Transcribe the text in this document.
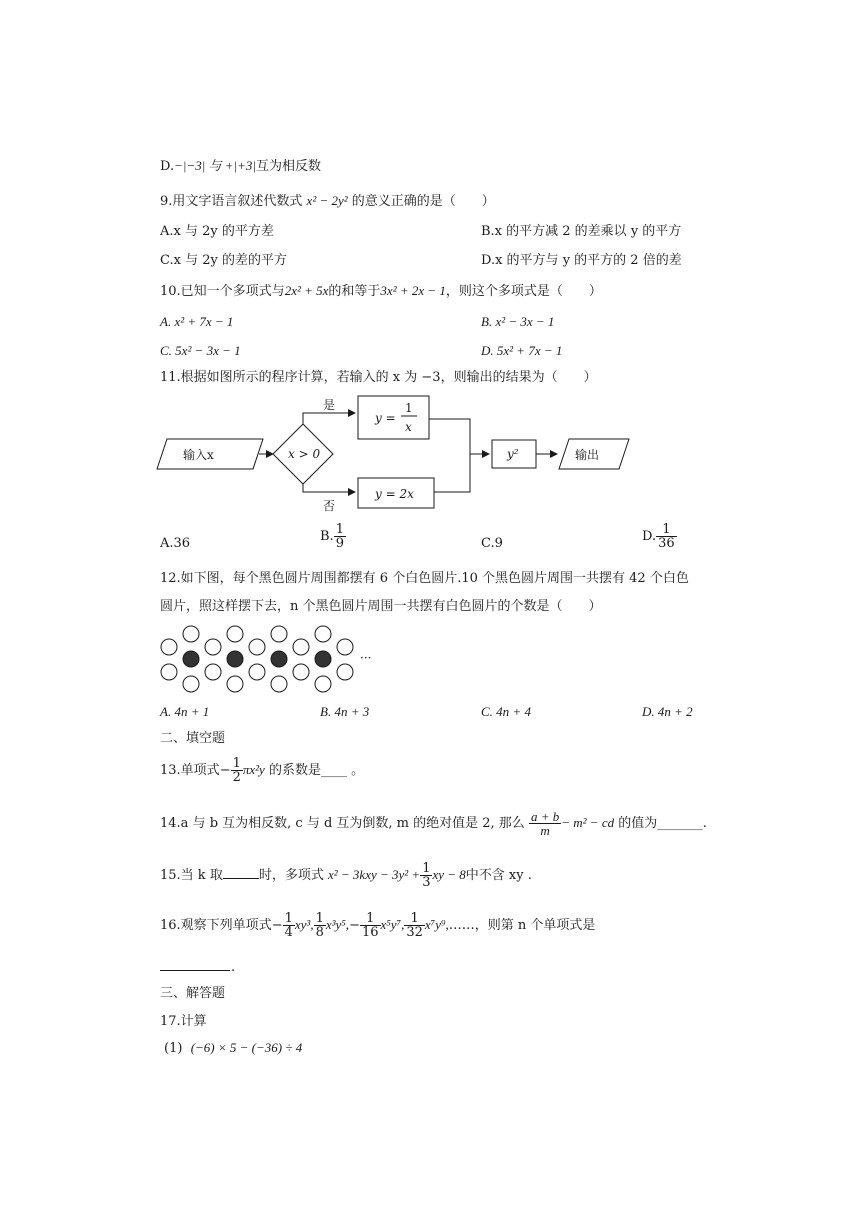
D.−|−3| 与 +|+3|互为相反数
9.用文字语言叙述代数式 x² − 2y² 的意义正确的是（　　）
A.x 与 2y 的平方差	B.x 的平方减 2 的差乘以 y 的平方
C.x 与 2y 的差的平方	D.x 的平方与 y 的平方的 2 倍的差
10.已知一个多项式与2x² + 5x的和等于3x² + 2x − 1，则这个多项式是（　　）
A. x² + 7x − 1	B. x² − 3x − 1
C. 5x² − 3x − 1	D. 5x² + 7x − 1
11.根据如图所示的程序计算，若输入的 x 为 −3，则输出的结果为（　　）
输入x	x > 0
是
y =
1
x
否
y = 2x
y²	输出
A.36	B. $\frac{1}{9}$	C.9	D. $\frac{1}{36}$
12.如下图，每个黑色圆片周围都摆有 6 个白色圆片.10 个黑色圆片周围一共摆有 42 个白色
圆片，照这样摆下去，n 个黑色圆片周围一共摆有白色圆片的个数是（　　）
···
A. 4n + 1	B. 4n + 3	C. 4n + 4	D. 4n + 2
二、填空题
13.单项式− $\frac{1}{2} \pi x^2y$ 的系数是____ 。
14.a 与 b 互为相反数, c 与 d 互为倒数, m 的绝对值是 2, 那么 $\frac{a + b}{m} - m^2$ − cd 的值为_______.
15.当 k 取	时，多项式 $x^2 - 3kxy - 3y^2 + \frac{1}{3}$ xy − 8中不含 xy .
16.观察下列单项式− $\frac{1}{4} xy^3$, $\frac{1}{8} x^3y^5,- \frac{1}{16} x^5y^7$, $\frac{1}{32}$ x⁷y⁹,……，则第 n 个单项式是
.
三、解答题
17.计算
(1) (−6) × 5 − (−36) ÷ 4
